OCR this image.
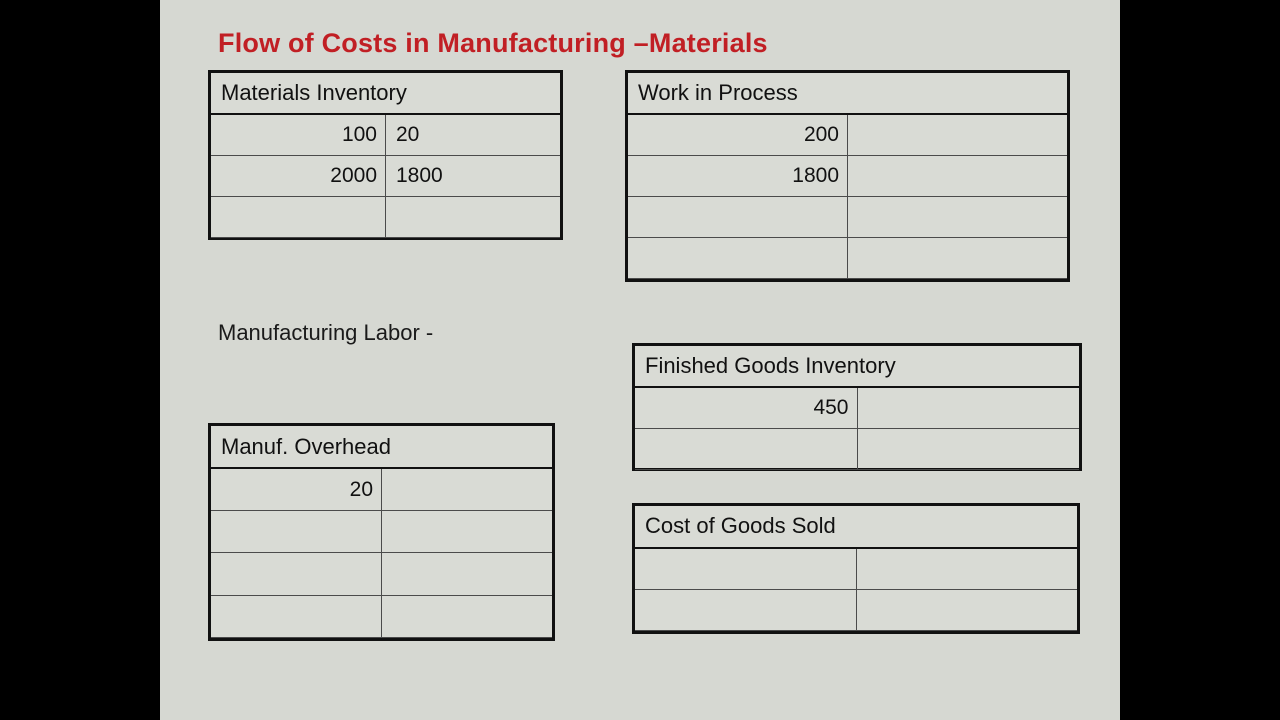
Flow of Costs in Manufacturing –Materials
Materials Inventory	
100	20
2000	1800

Work in Process	
200	
1800	

Manufacturing Labor -
Finished Goods Inventory	
450	

Manuf. Overhead	
20	

Cost of Goods Sold	
